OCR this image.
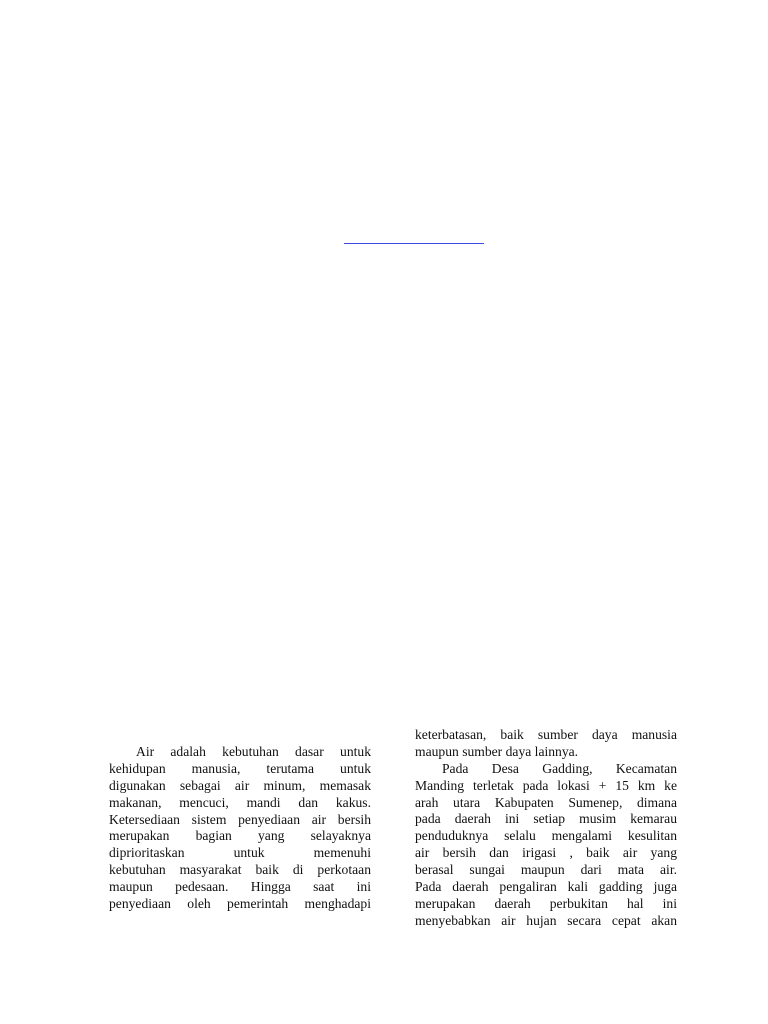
Air adalah kebutuhan dasar untuk
kehidupan manusia, terutama untuk
digunakan sebagai air minum, memasak
makanan, mencuci, mandi dan kakus.
Ketersediaan sistem penyediaan air bersih
merupakan bagian yang selayaknya
diprioritaskan untuk memenuhi
kebutuhan masyarakat baik di perkotaan
maupun pedesaan. Hingga saat ini
penyediaan oleh pemerintah menghadapi
keterbatasan, baik sumber daya manusia
maupun sumber daya lainnya.
Pada Desa Gadding, Kecamatan
Manding terletak pada lokasi + 15 km ke
arah utara Kabupaten Sumenep, dimana
pada daerah ini setiap musim kemarau
penduduknya selalu mengalami kesulitan
air bersih dan irigasi , baik air yang
berasal sungai maupun dari mata air.
Pada daerah pengaliran kali gadding juga
merupakan daerah perbukitan hal ini
menyebabkan air hujan secara cepat akan
